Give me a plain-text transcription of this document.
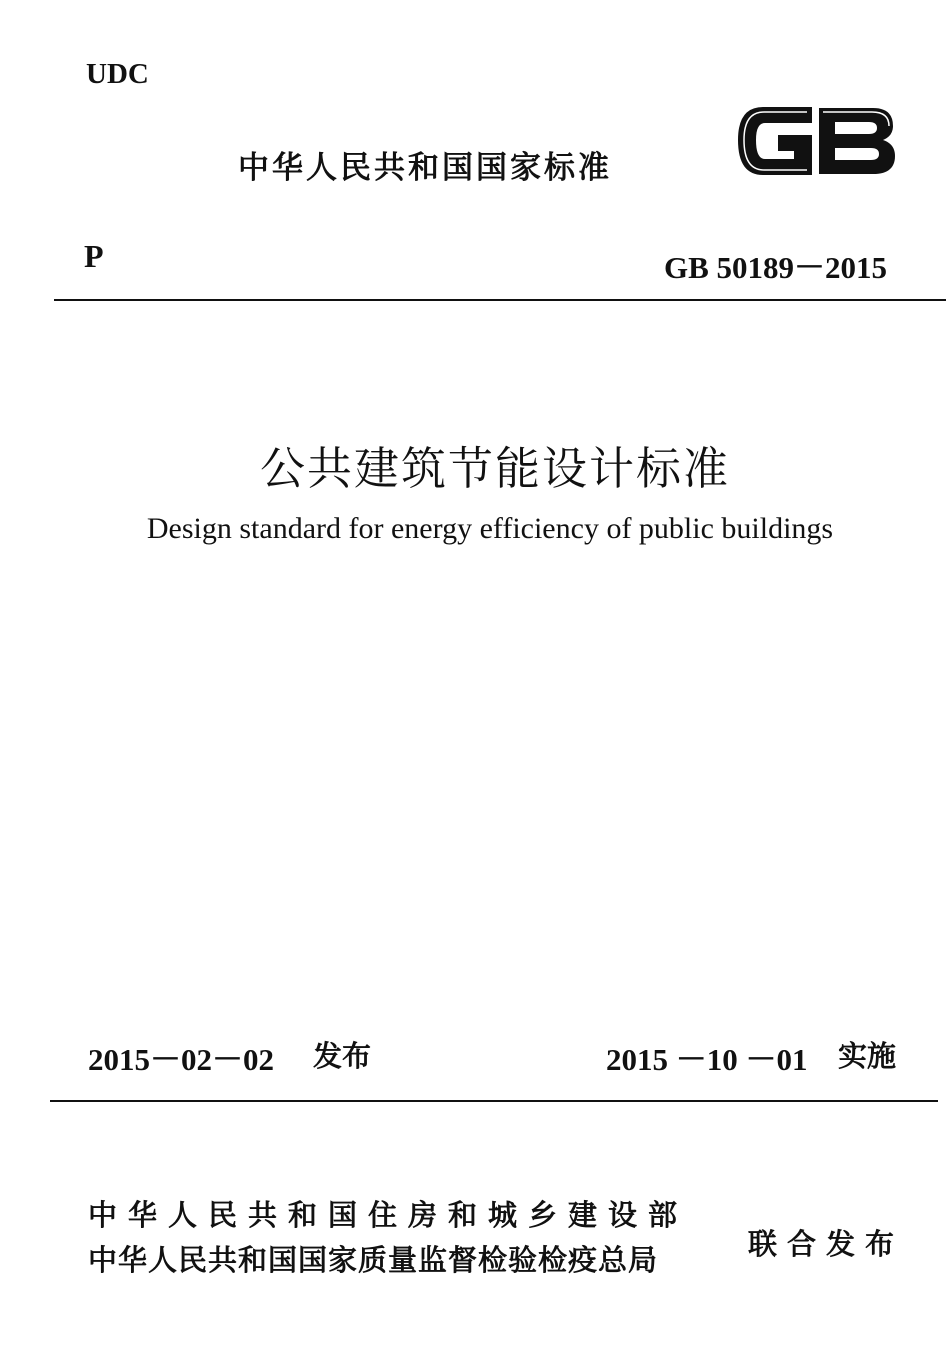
UDC
中华人民共和国国家标准
P	GB 50189－2015
公共建筑节能设计标准
Design standard for energy efficiency of public buildings
2015－02－02 发布	2015 －10 －01 实施
中华人民共和国住房和城乡建设部
中华人民共和国国家质量监督检验检疫总局	联合发布
